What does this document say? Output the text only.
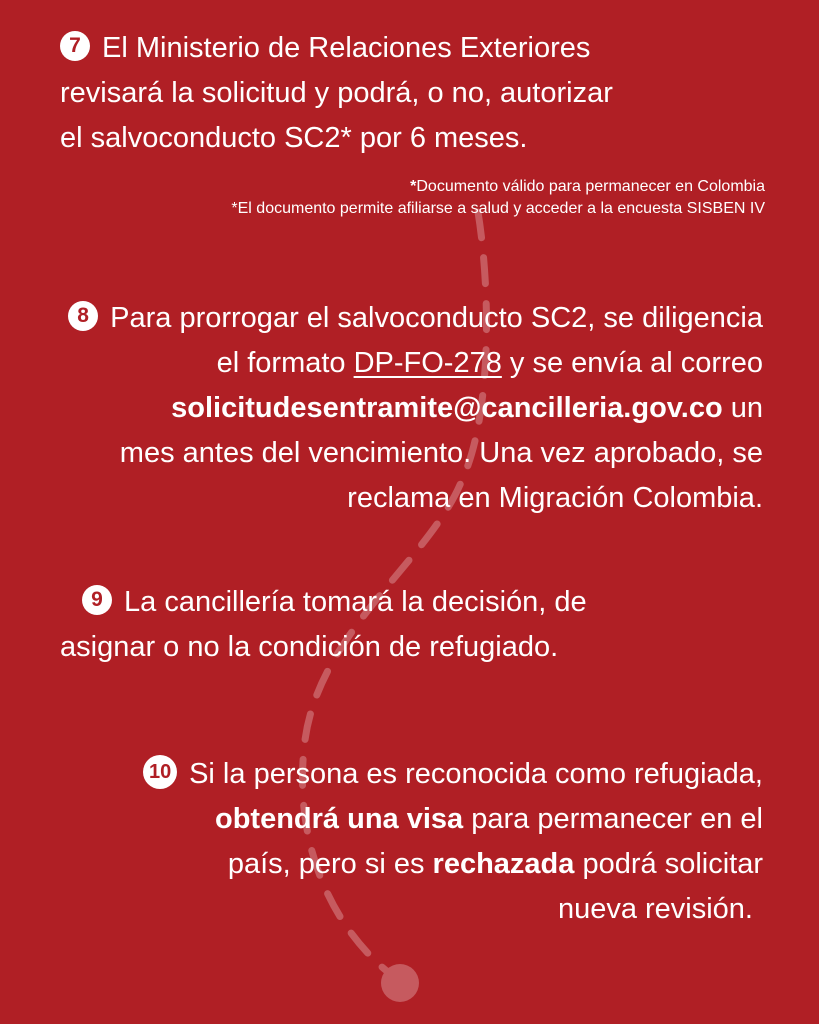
7 El Ministerio de Relaciones Exteriores
revisará la solicitud y podrá, o no, autorizar
el salvoconducto SC2* por 6 meses.
*Documento válido para permanecer en Colombia
*El documento permite afiliarse a salud y acceder a la encuesta SISBEN IV
8 Para prorrogar el salvoconducto SC2, se diligencia
el formato DP-FO-278 y se envía al correo
solicitudesentramite@cancilleria.gov.co un
mes antes del vencimiento. Una vez aprobado, se
reclama en Migración Colombia.
9 La cancillería tomará la decisión, de
asignar o no la condición de refugiado.
10 Si la persona es reconocida como refugiada,
obtendrá una visa para permanecer en el
país, pero si es rechazada podrá solicitar
nueva revisión.
